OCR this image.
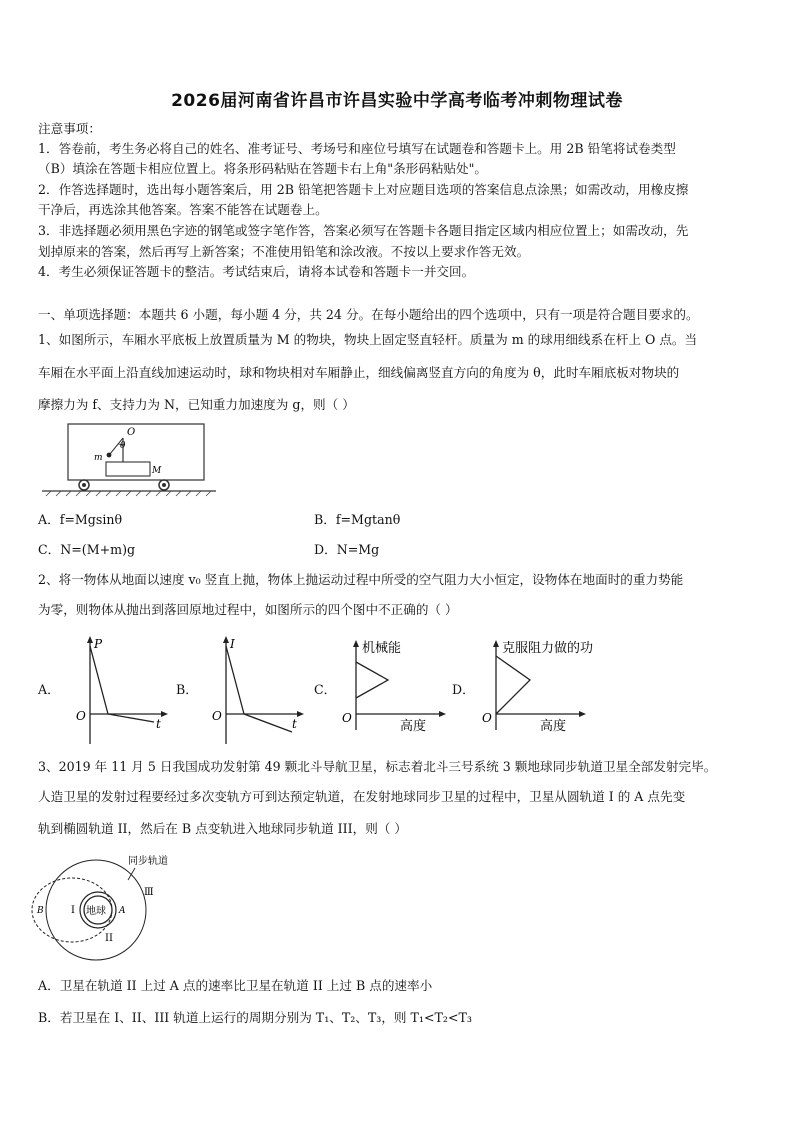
2026届河南省许昌市许昌实验中学高考临考冲刺物理试卷
注意事项：
1．答卷前，考生务必将自己的姓名、准考证号、考场号和座位号填写在试题卷和答题卡上。用 2B 铅笔将试卷类型
（B）填涂在答题卡相应位置上。将条形码粘贴在答题卡右上角"条形码粘贴处"。
2．作答选择题时，选出每小题答案后，用 2B 铅笔把答题卡上对应题目选项的答案信息点涂黑；如需改动，用橡皮擦
干净后，再选涂其他答案。答案不能答在试题卷上。
3．非选择题必须用黑色字迹的钢笔或签字笔作答，答案必须写在答题卡各题目指定区域内相应位置上；如需改动，先
划掉原来的答案，然后再写上新答案；不准使用铅笔和涂改液。不按以上要求作答无效。
4．考生必须保证答题卡的整洁。考试结束后，请将本试卷和答题卡一并交回。
一、单项选择题：本题共 6 小题，每小题 4 分，共 24 分。在每小题给出的四个选项中，只有一项是符合题目要求的。
1、如图所示，车厢水平底板上放置质量为 M 的物块，物块上固定竖直轻杆。质量为 m 的球用细线系在杆上 O 点。当
车厢在水平面上沿直线加速运动时，球和物块相对车厢静止，细线偏离竖直方向的角度为 θ，此时车厢底板对物块的
摩擦力为 f、支持力为 N，已知重力加速度为 g，则（ ）
O
θ
m
M
A．f=Mgsinθ	B．f=Mgtanθ
C．N=(M+m)g	D．N=Mg
2、将一物体从地面以速度 v₀ 竖直上抛，物体上抛运动过程中所受的空气阻力大小恒定，设物体在地面时的重力势能
为零，则物体从抛出到落回原地过程中，如图所示的四个图中不正确的（ ）
A．
P
t
O
B．
I
t
O
C．
机械能
高度
O
D．
克服阻力做的功
高度
O
3、2019 年 11 月 5 日我国成功发射第 49 颗北斗导航卫星，标志着北斗三号系统 3 颗地球同步轨道卫星全部发射完毕。
人造卫星的发射过程要经过多次变轨方可到达预定轨道，在发射地球同步卫星的过程中，卫星从圆轨道 I 的 A 点先变
轨到椭圆轨道 II，然后在 B 点变轨进入地球同步轨道 III，则（ ）
同步轨道
地球 A
B	I
II
Ⅲ
A．卫星在轨道 II 上过 A 点的速率比卫星在轨道 II 上过 B 点的速率小
B．若卫星在 I、II、III 轨道上运行的周期分别为 T₁、T₂、T₃，则 T₁<T₂<T₃
